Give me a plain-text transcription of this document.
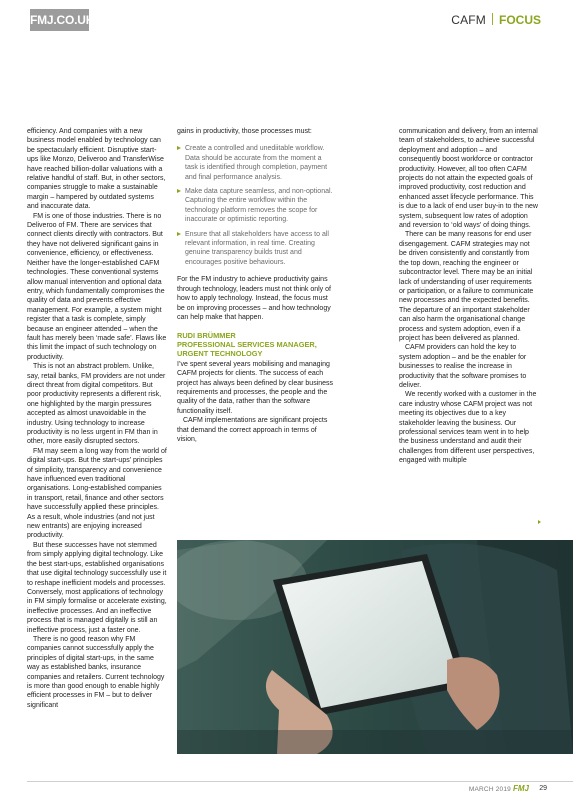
FMJ.CO.UK	CAFM FOCUS

efficiency. And companies with a new business model enabled by technology can be spectacularly efficient. Disruptive start-ups like Monzo, Deliveroo and TransferWise have reached billion-dollar valuations with a relative handful of staff. But, in other sectors, companies struggle to make a sustainable margin – hampered by outdated systems and inaccurate data.

FM is one of those industries. There is no Deliveroo of FM. There are services that connect clients directly with contractors. But they have not delivered significant gains in convenience, efficiency, or effectiveness. Neither have the longer-established CAFM technologies. These conventional systems allow manual intervention and optional data entry, which fundamentally compromises the quality of data and prevents effective management. For example, a system might register that a task is complete, simply because an engineer attended – when the fault has merely been ‘made safe’. Flaws like this limit the impact of such technology on productivity.

This is not an abstract problem. Unlike, say, retail banks, FM providers are not under direct threat from digital competitors. But poor productivity represents a different risk, one highlighted by the margin pressures accepted as almost unavoidable in the industry. Using technology to increase productivity is no less urgent in FM than in other, more easily disrupted sectors.

FM may seem a long way from the world of digital start-ups. But the start-ups’ principles of simplicity, transparency and convenience have influenced even traditional organisations. Long-established companies in transport, retail, finance and other sectors have successfully applied these principles. As a result, whole industries (and not just new entrants) are enjoying increased productivity.

But these successes have not stemmed from simply applying digital technology. Like the best start-ups, established organisations that use digital technology successfully use it to reshape inefficient models and processes. Conversely, most applications of technology in FM simply formalise or accelerate existing, ineffective processes. And an ineffective process that is managed digitally is still an ineffective process, just a faster one.

There is no good reason why FM companies cannot successfully apply the principles of digital start-ups, in the same way as established banks, insurance companies and retailers. Current technology is more than good enough to enable highly efficient processes in FM – but to deliver significant

gains in productivity, those processes must:

Create a controlled and unediitable workflow. Data should be accurate from the moment a task is identified through completion, payment and final performance analysis.
Make data capture seamless, and non-optional. Capturing the entire workflow within the technology platform removes the scope for inaccurate or optimistic reporting.
Ensure that all stakeholders have access to all relevant information, in real time. Creating genuine transparency builds trust and encourages positive behaviours.

For the FM industry to achieve productivity gains through technology, leaders must not think only of how to apply technology. Instead, the focus must be on improving processes – and how technology can help make that happen.

RUDI BRÜMMER
PROFESSIONAL SERVICES MANAGER, URGENT TECHNOLOGY

I’ve spent several years mobilising and managing CAFM projects for clients. The success of each project has always been defined by clear business requirements and processes, the people and the quality of the data, rather than the software functionality itself.

CAFM implementations are significant projects that demand the correct approach in terms of vision,

communication and delivery, from an internal team of stakeholders, to achieve successful deployment and adoption – and consequently boost workforce or contractor productivity. However, all too often CAFM projects do not attain the expected goals of improved productivity, cost reduction and enhanced asset lifecycle performance. This is due to a lack of end user buy-in to the new system, subsequent low rates of adoption and reversion to ‘old ways’ of doing things.

There can be many reasons for end user disengagement. CAFM strategies may not be driven consistently and constantly from the top down, reaching the engineer or subcontractor level. There may be an initial lack of understanding of user requirements or participation, or a failure to communicate new processes and the expected benefits. The departure of an important stakeholder can also harm the organisational change process and system adoption, even if a project has been delivered as planned.

CAFM providers can hold the key to system adoption – and be the enabler for businesses to realise the increase in productivity that the software promises to deliver.

We recently worked with a customer in the care industry whose CAFM project was not meeting its objectives due to a key stakeholder leaving the business. Our professional services team went in to help the business understand and audit their challenges from different user perspectives, engaged with multiple

MARCH 2019 FMJ 29
